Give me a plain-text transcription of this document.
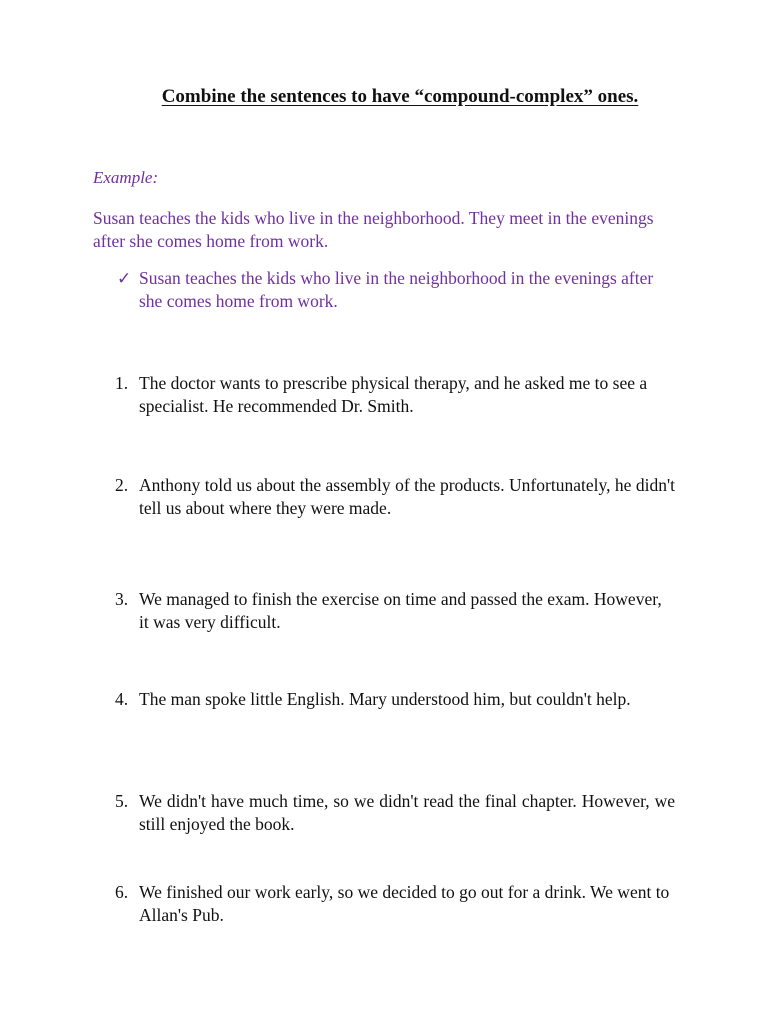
Combine the sentences to have “compound-complex” ones.
Example:
Susan teaches the kids who live in the neighborhood. They meet in the evenings after she comes home from work.
✓ Susan teaches the kids who live in the neighborhood in the evenings after she comes home from work.
1. The doctor wants to prescribe physical therapy, and he asked me to see a specialist. He recommended Dr. Smith.
2. Anthony told us about the assembly of the products. Unfortunately, he didn't tell us about where they were made.
3. We managed to finish the exercise on time and passed the exam. However, it was very difficult.
4. The man spoke little English. Mary understood him, but couldn't help.
5. We didn't have much time, so we didn't read the final chapter. However, we still enjoyed the book.
6. We finished our work early, so we decided to go out for a drink. We went to Allan's Pub.
